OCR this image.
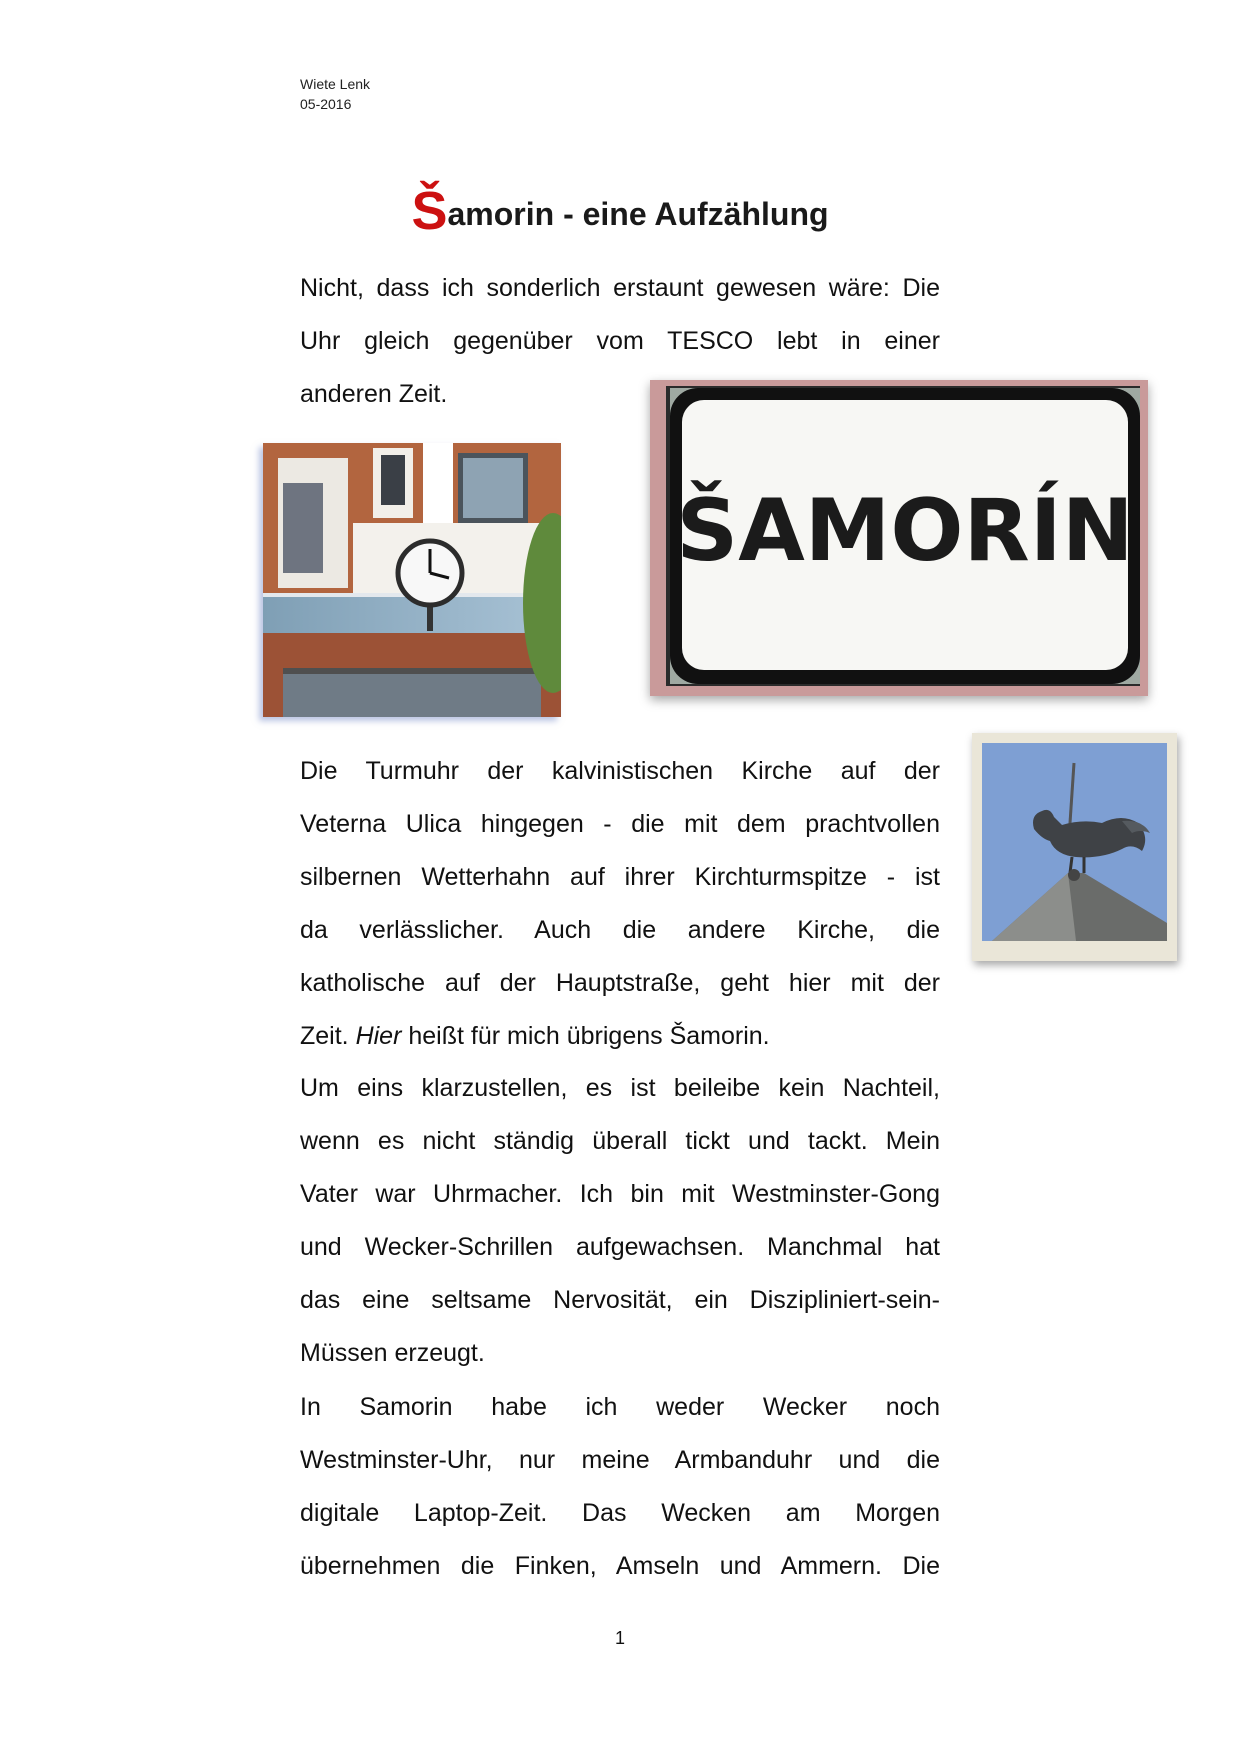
Wiete Lenk
05-2016
Šamorin - eine Aufzählung
Nicht, dass ich sonderlich erstaunt gewesen wäre: Die
Uhr gleich gegenüber vom TESCO lebt in einer
anderen Zeit.
ŠAMORÍN
Die Turmuhr der kalvinistischen Kirche auf der
Veterna Ulica hingegen - die mit dem prachtvollen
silbernen Wetterhahn auf ihrer Kirchturmspitze - ist
da verlässlicher. Auch die andere Kirche, die
katholische auf der Hauptstraße, geht hier mit der
Zeit. Hier heißt für mich übrigens Šamorin.
Um eins klarzustellen, es ist beileibe kein Nachteil,
wenn es nicht ständig überall tickt und tackt. Mein
Vater war Uhrmacher. Ich bin mit Westminster-Gong
und Wecker-Schrillen aufgewachsen. Manchmal hat
das eine seltsame Nervosität, ein Diszipliniert-sein-
Müssen erzeugt.
In Samorin habe ich weder Wecker noch
Westminster-Uhr, nur meine Armbanduhr und die
digitale Laptop-Zeit. Das Wecken am Morgen
übernehmen die Finken, Amseln und Ammern. Die
1
